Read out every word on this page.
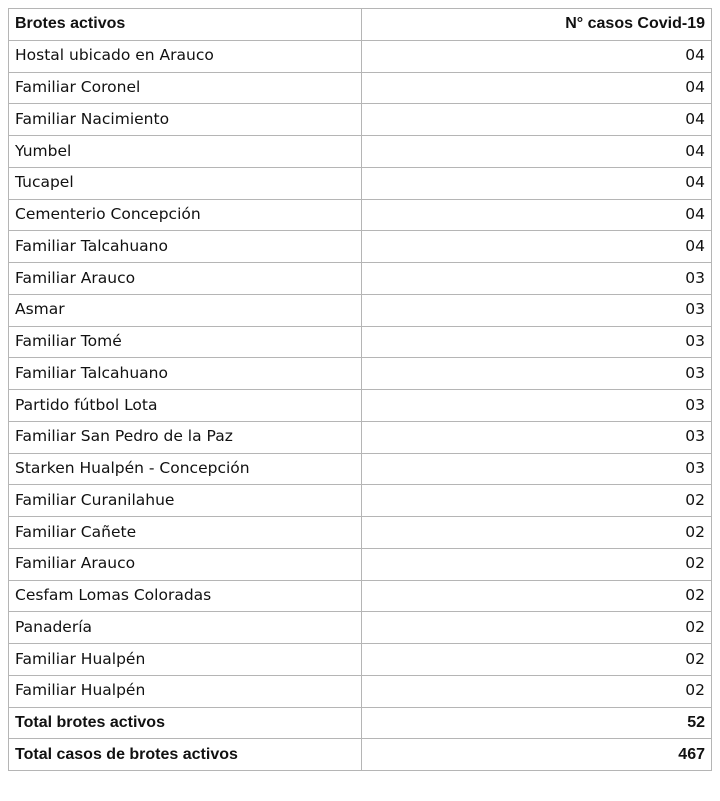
Brotes activos	N° casos Covid-19
Hostal ubicado en Arauco	04
Familiar Coronel	04
Familiar Nacimiento	04
Yumbel	04
Tucapel	04
Cementerio Concepción	04
Familiar Talcahuano	04
Familiar Arauco	03
Asmar	03
Familiar Tomé	03
Familiar Talcahuano	03
Partido fútbol Lota	03
Familiar San Pedro de la Paz	03
Starken Hualpén - Concepción	03
Familiar Curanilahue	02
Familiar Cañete	02
Familiar Arauco	02
Cesfam Lomas Coloradas	02
Panadería	02
Familiar Hualpén	02
Familiar Hualpén	02
Total brotes activos	52
Total casos de brotes activos	467
